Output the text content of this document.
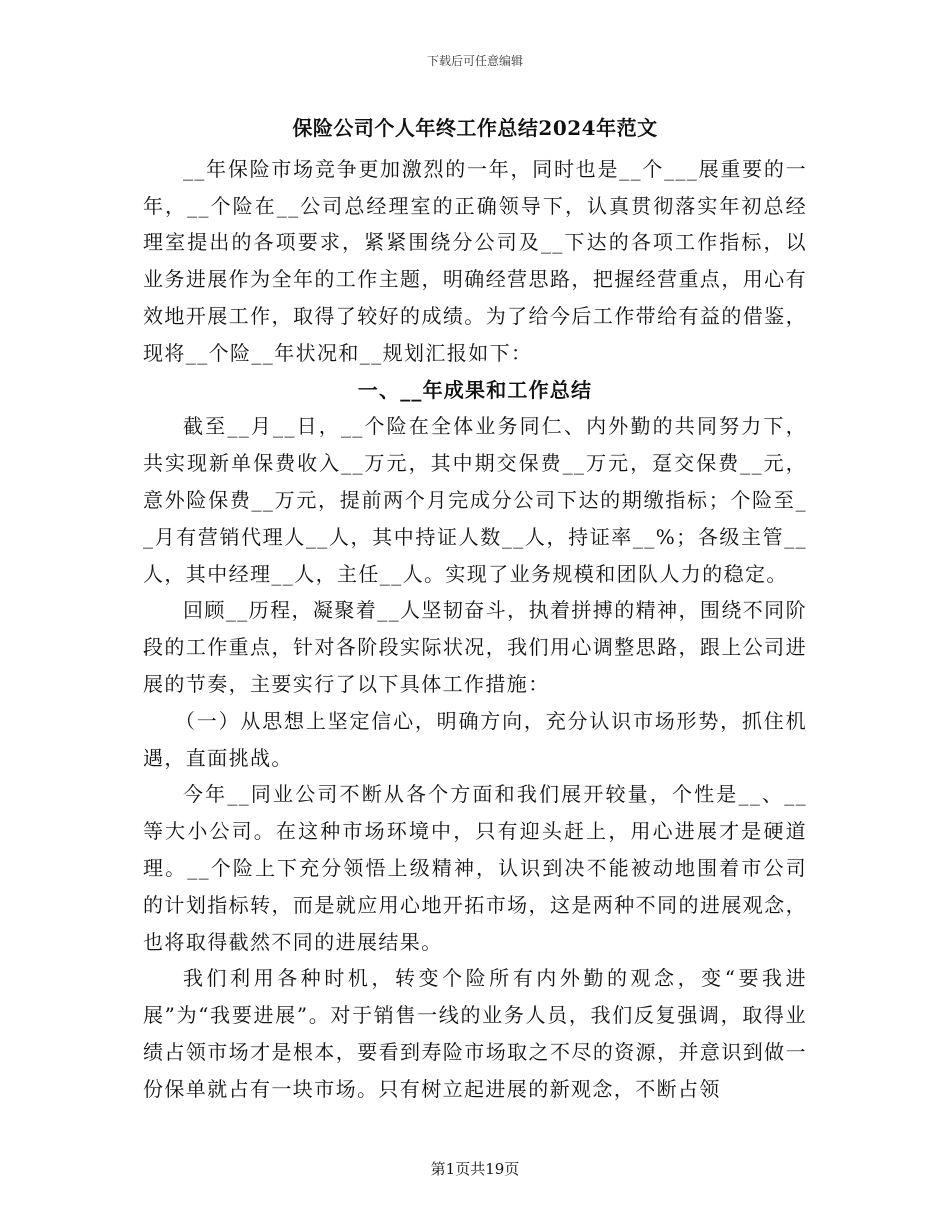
下载后可任意编辑
保险公司个人年终工作总结2024年范文

__年保险市场竞争更加激烈的一年，同时也是__个___展重要的一年，__个险在__公司总经理室的正确领导下，认真贯彻落实年初总经理室提出的各项要求，紧紧围绕分公司及__下达的各项工作指标，以业务进展作为全年的工作主题，明确经营思路，把握经营重点，用心有效地开展工作，取得了较好的成绩。为了给今后工作带给有益的借鉴，现将__个险__年状况和__规划汇报如下：

一、__年成果和工作总结

截至__月__日，__个险在全体业务同仁、内外勤的共同努力下，共实现新单保费收入__万元，其中期交保费__万元，趸交保费__元，意外险保费__万元，提前两个月完成分公司下达的期缴指标；个险至__月有营销代理人__人，其中持证人数__人，持证率__%；各级主管__人，其中经理__人，主任__人。实现了业务规模和团队人力的稳定。

回顾__历程，凝聚着__人坚韧奋斗，执着拼搏的精神，围绕不同阶段的工作重点，针对各阶段实际状况，我们用心调整思路，跟上公司进展的节奏，主要实行了以下具体工作措施：

（一）从思想上坚定信心，明确方向，充分认识市场形势，抓住机遇，直面挑战。

今年__同业公司不断从各个方面和我们展开较量，个性是__、__等大小公司。在这种市场环境中，只有迎头赶上，用心进展才是硬道理。__个险上下充分领悟上级精神，认识到决不能被动地围着市公司的计划指标转，而是就应用心地开拓市场，这是两种不同的进展观念，也将取得截然不同的进展结果。

我们利用各种时机，转变个险所有内外勤的观念，变“要我进展”为“我要进展”。对于销售一线的业务人员，我们反复强调，取得业绩占领市场才是根本，要看到寿险市场取之不尽的资源，并意识到做一份保单就占有一块市场。只有树立起进展的新观念，不断占领

第1页共19页
